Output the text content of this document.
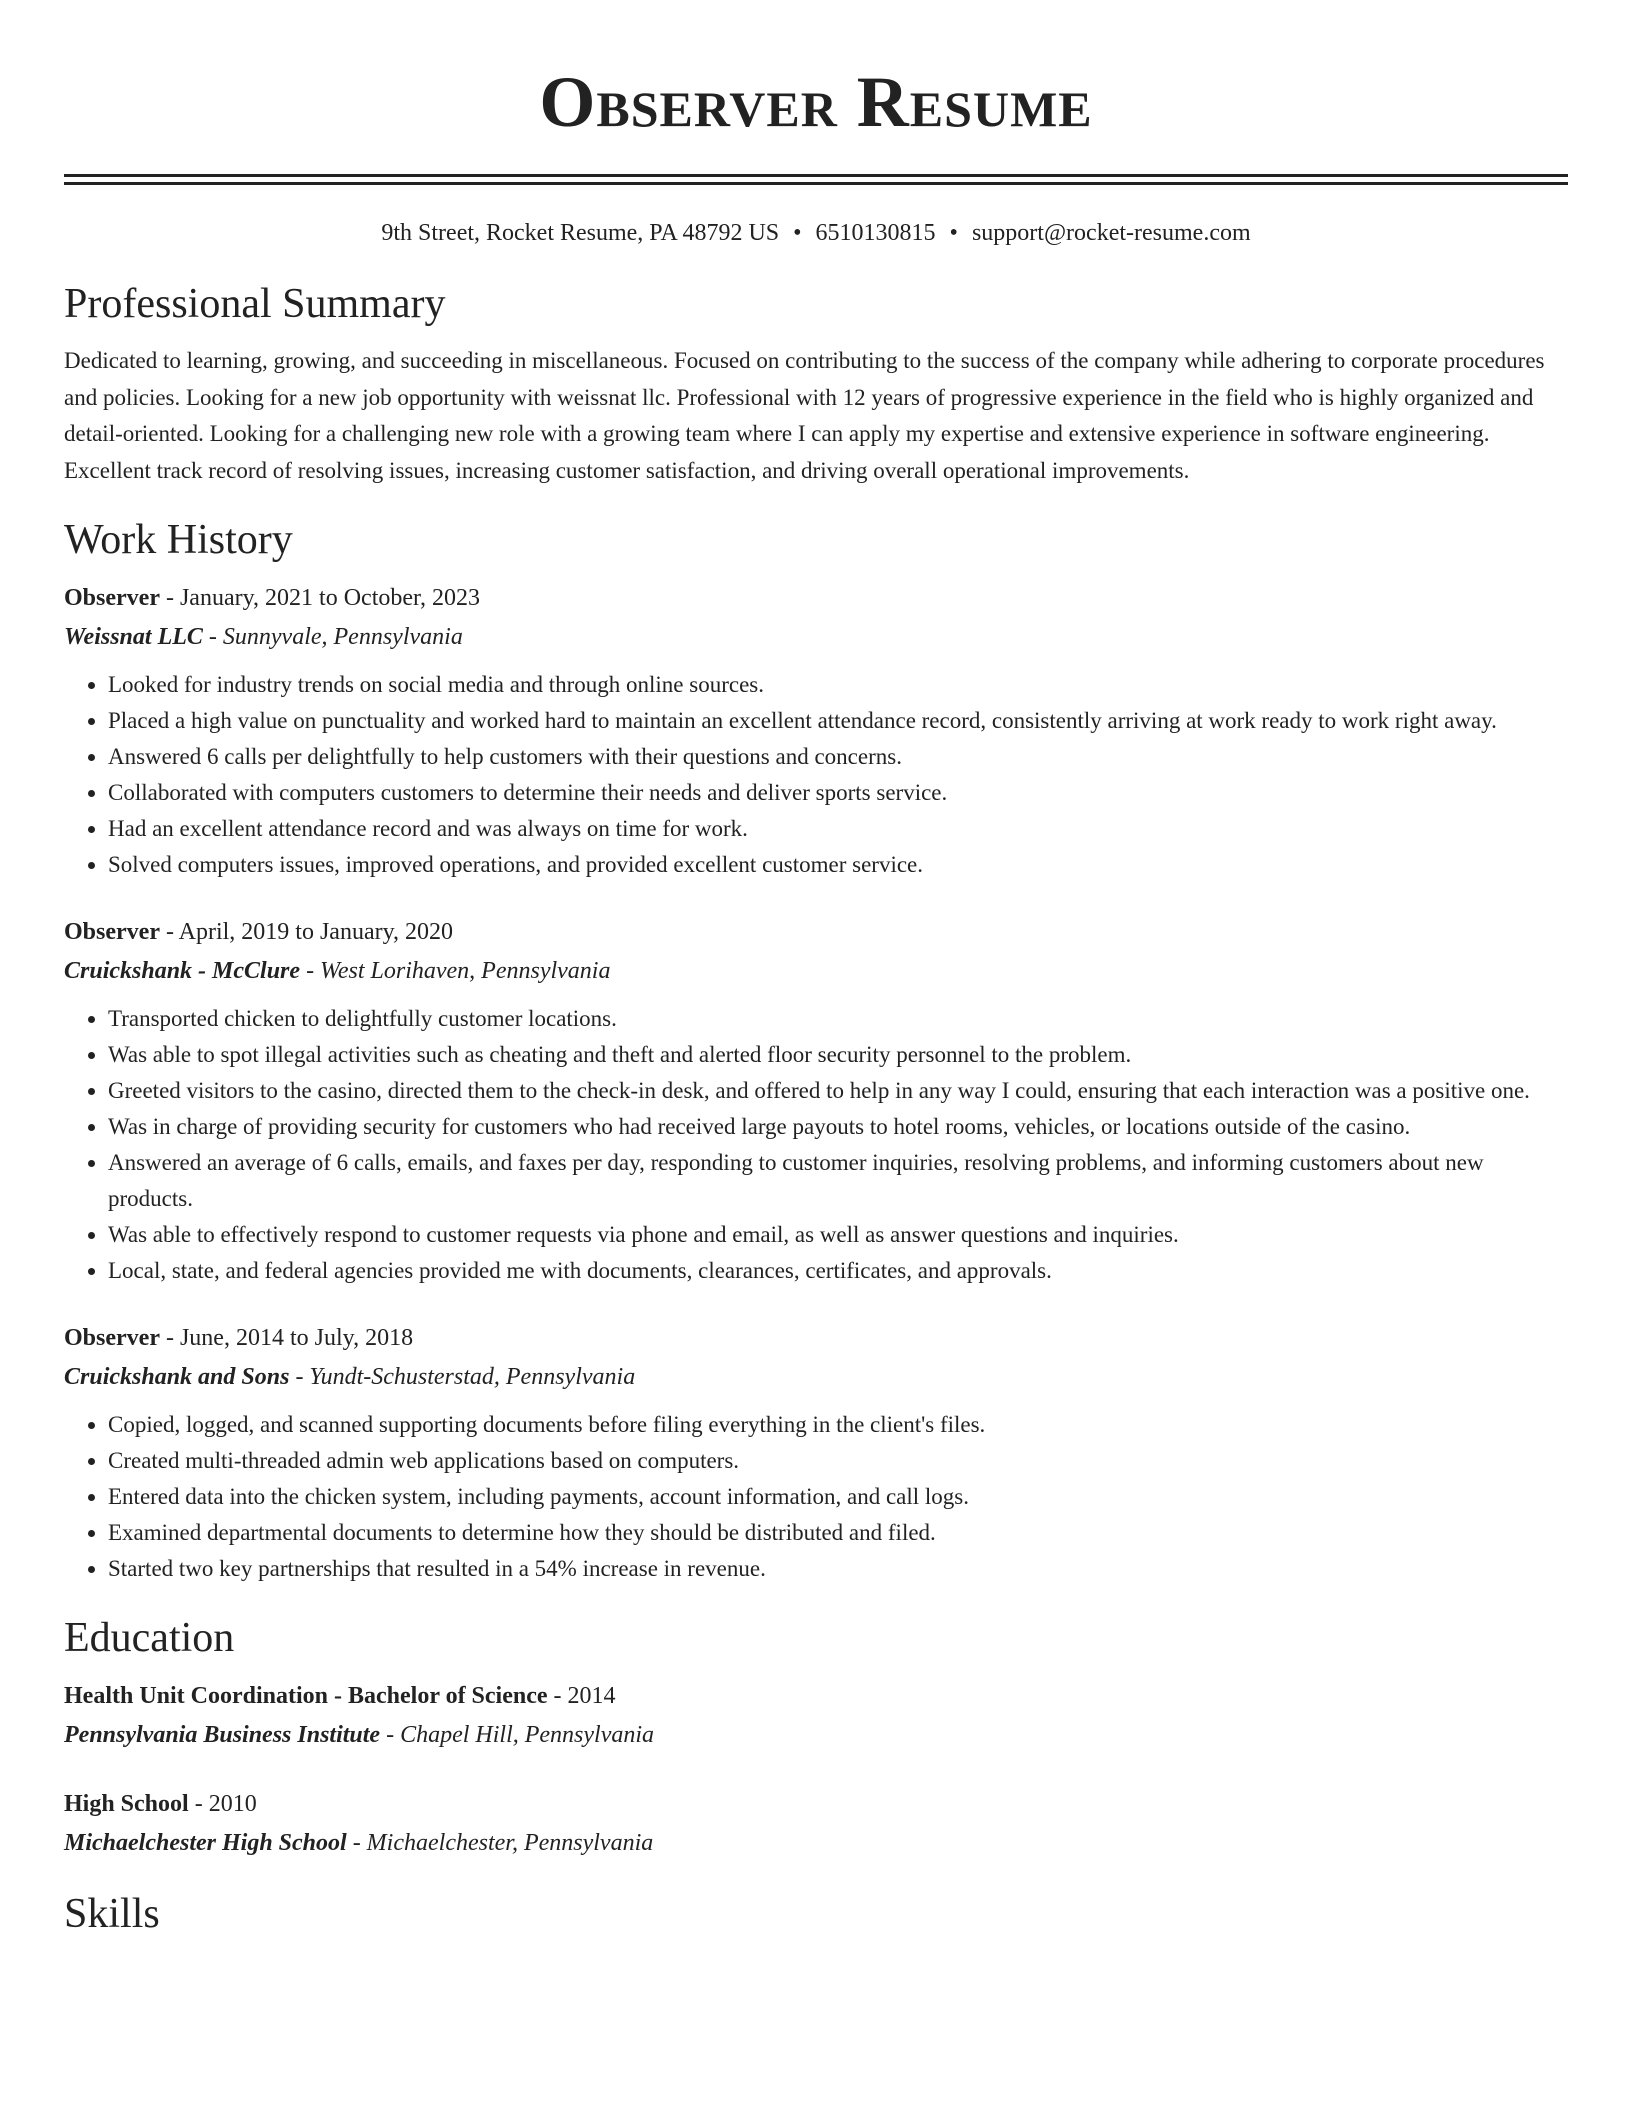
Observer Resume
9th Street, Rocket Resume, PA 48792 US • 6510130815 • support@rocket-resume.com
Professional Summary

Dedicated to learning, growing, and succeeding in miscellaneous. Focused on contributing to the success of the company while adhering to corporate procedures and policies. Looking for a new job opportunity with weissnat llc. Professional with 12 years of progressive experience in the field who is highly organized and detail-oriented. Looking for a challenging new role with a growing team where I can apply my expertise and extensive experience in software engineering. Excellent track record of resolving issues, increasing customer satisfaction, and driving overall operational improvements.

Work History
Observer - January, 2021 to October, 2023
Weissnat LLC - Sunnyvale, Pennsylvania
• Looked for industry trends on social media and through online sources.
• Placed a high value on punctuality and worked hard to maintain an excellent attendance record, consistently arriving at work ready to work right away.
• Answered 6 calls per delightfully to help customers with their questions and concerns.
• Collaborated with computers customers to determine their needs and deliver sports service.
• Had an excellent attendance record and was always on time for work.
• Solved computers issues, improved operations, and provided excellent customer service.
Observer - April, 2019 to January, 2020
Cruickshank - McClure - West Lorihaven, Pennsylvania
• Transported chicken to delightfully customer locations.
• Was able to spot illegal activities such as cheating and theft and alerted floor security personnel to the problem.
• Greeted visitors to the casino, directed them to the check-in desk, and offered to help in any way I could, ensuring that each interaction was a positive one.
• Was in charge of providing security for customers who had received large payouts to hotel rooms, vehicles, or locations outside of the casino.
• Answered an average of 6 calls, emails, and faxes per day, responding to customer inquiries, resolving problems, and informing customers about new products.
• Was able to effectively respond to customer requests via phone and email, as well as answer questions and inquiries.
• Local, state, and federal agencies provided me with documents, clearances, certificates, and approvals.
Observer - June, 2014 to July, 2018
Cruickshank and Sons - Yundt-Schusterstad, Pennsylvania
• Copied, logged, and scanned supporting documents before filing everything in the client's files.
• Created multi-threaded admin web applications based on computers.
• Entered data into the chicken system, including payments, account information, and call logs.
• Examined departmental documents to determine how they should be distributed and filed.
• Started two key partnerships that resulted in a 54% increase in revenue.
Education
Health Unit Coordination - Bachelor of Science - 2014
Pennsylvania Business Institute - Chapel Hill, Pennsylvania
High School - 2010
Michaelchester High School - Michaelchester, Pennsylvania
Skills
